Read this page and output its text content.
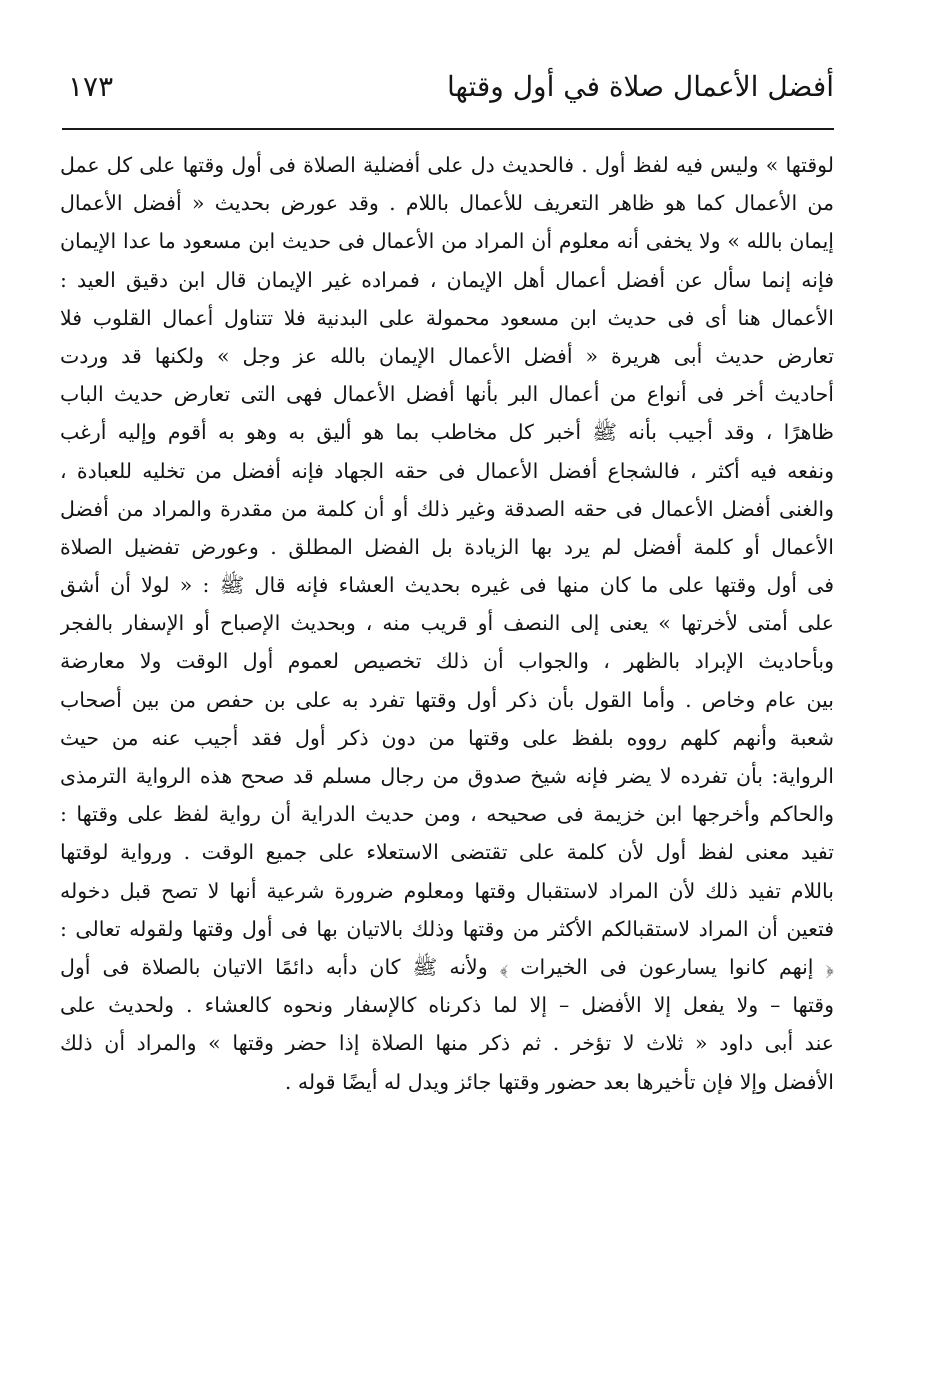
١٧٣	أفضل الأعمال صلاة في أول وقتها
لوقتها » وليس فيه لفظ أول . فالحديث دل على أفضلية الصلاة فى أول وقتها على كل عمل
من الأعمال كما هو ظاهر التعريف للأعمال باللام . وقد عورض بحديث « أفضل الأعمال
إيمان بالله » ولا يخفى أنه معلوم أن المراد من الأعمال فى حديث ابن مسعود ما عدا الإيمان
فإنه إنما سأل عن أفضل أعمال أهل الإيمان ، فمراده غير الإيمان قال ابن دقيق العيد :
الأعمال هنا أى فى حديث ابن مسعود محمولة على البدنية فلا تتناول أعمال القلوب فلا
تعارض حديث أبى هريرة « أفضل الأعمال الإيمان بالله عز وجل » ولكنها قد وردت
أحاديث أخر فى أنواع من أعمال البر بأنها أفضل الأعمال فهى التى تعارض حديث الباب
ظاهرًا ، وقد أجيب بأنه ﷺ أخبر كل مخاطب بما هو أليق به وهو به أقوم وإليه أرغب
ونفعه فيه أكثر ، فالشجاع أفضل الأعمال فى حقه الجهاد فإنه أفضل من تخليه للعبادة ،
والغنى أفضل الأعمال فى حقه الصدقة وغير ذلك أو أن كلمة من مقدرة والمراد من أفضل
الأعمال أو كلمة أفضل لم يرد بها الزيادة بل الفضل المطلق . وعورض تفضيل الصلاة
فى أول وقتها على ما كان منها فى غيره بحديث العشاء فإنه قال ﷺ : « لولا أن أشق
على أمتى لأخرتها » يعنى إلى النصف أو قريب منه ، وبحديث الإصباح أو الإسفار بالفجر
وبأحاديث الإبراد بالظهر ، والجواب أن ذلك تخصيص لعموم أول الوقت ولا معارضة
بين عام وخاص . وأما القول بأن ذكر أول وقتها تفرد به على بن حفص من بين أصحاب
شعبة وأنهم كلهم رووه بلفظ على وقتها من دون ذكر أول فقد أجيب عنه من حيث
الرواية: بأن تفرده لا يضر فإنه شيخ صدوق من رجال مسلم قد صحح هذه الرواية الترمذى
والحاكم وأخرجها ابن خزيمة فى صحيحه ، ومن حديث الدراية أن رواية لفظ على وقتها :
تفيد معنى لفظ أول لأن كلمة على تقتضى الاستعلاء على جميع الوقت . ورواية لوقتها
باللام تفيد ذلك لأن المراد لاستقبال وقتها ومعلوم ضرورة شرعية أنها لا تصح قبل دخوله
فتعين أن المراد لاستقبالكم الأكثر من وقتها وذلك بالاتيان بها فى أول وقتها ولقوله تعالى :
﴿ إنهم كانوا يسارعون فى الخيرات ﴾ ولأنه ﷺ كان دأبه دائمًا الاتيان بالصلاة فى أول
وقتها – ولا يفعل إلا الأفضل – إلا لما ذكرناه كالإسفار ونحوه كالعشاء . ولحديث على
عند أبى داود « ثلاث لا تؤخر . ثم ذكر منها الصلاة إذا حضر وقتها » والمراد أن ذلك
الأفضل وإلا فإن تأخيرها بعد حضور وقتها جائز ويدل له أيضًا قوله .
